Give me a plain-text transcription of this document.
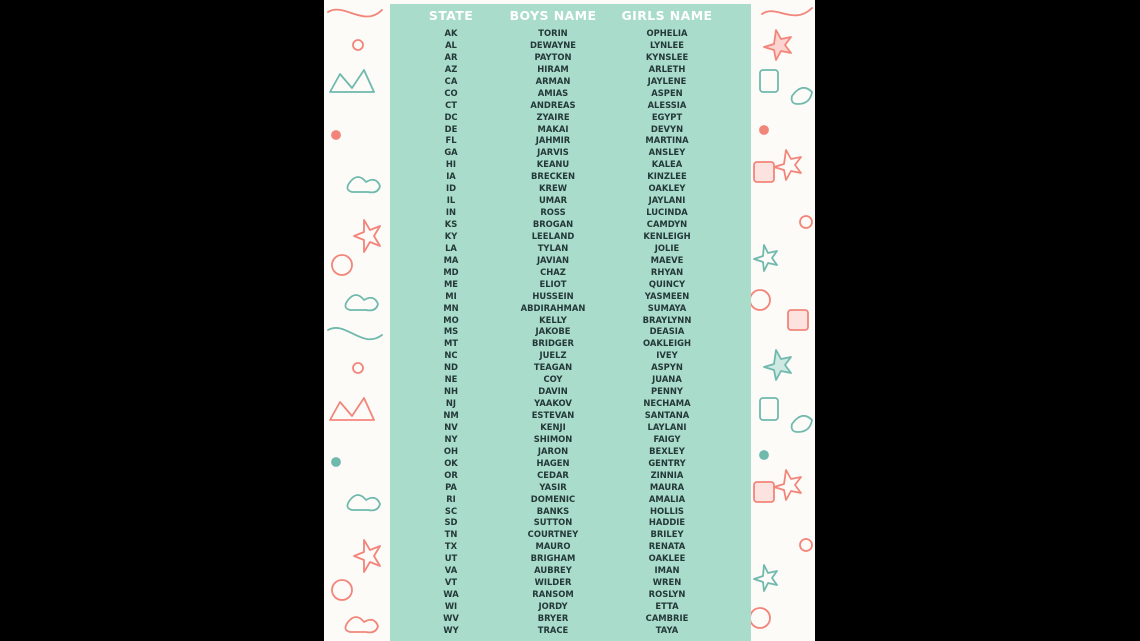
STATE	BOYS NAME	GIRLS NAME
AK	TORIN	OPHELIA
AL	DEWAYNE	LYNLEE
AR	PAYTON	KYNSLEE
AZ	HIRAM	ARLETH
CA	ARMAN	JAYLENE
CO	AMIAS	ASPEN
CT	ANDREAS	ALESSIA
DC	ZYAIRE	EGYPT
DE	MAKAI	DEVYN
FL	JAHMIR	MARTINA
GA	JARVIS	ANSLEY
HI	KEANU	KALEA
IA	BRECKEN	KINZLEE
ID	KREW	OAKLEY
IL	UMAR	JAYLANI
IN	ROSS	LUCINDA
KS	BROGAN	CAMDYN
KY	LEELAND	KENLEIGH
LA	TYLAN	JOLIE
MA	JAVIAN	MAEVE
MD	CHAZ	RHYAN
ME	ELIOT	QUINCY
MI	HUSSEIN	YASMEEN
MN	ABDIRAHMAN	SUMAYA
MO	KELLY	BRAYLYNN
MS	JAKOBE	DEASIA
MT	BRIDGER	OAKLEIGH
NC	JUELZ	IVEY
ND	TEAGAN	ASPYN
NE	COY	JUANA
NH	DAVIN	PENNY
NJ	YAAKOV	NECHAMA
NM	ESTEVAN	SANTANA
NV	KENJI	LAYLANI
NY	SHIMON	FAIGY
OH	JARON	BEXLEY
OK	HAGEN	GENTRY
OR	CEDAR	ZINNIA
PA	YASIR	MAURA
RI	DOMENIC	AMALIA
SC	BANKS	HOLLIS
SD	SUTTON	HADDIE
TN	COURTNEY	BRILEY
TX	MAURO	RENATA
UT	BRIGHAM	OAKLEE
VA	AUBREY	IMAN
VT	WILDER	WREN
WA	RANSOM	ROSLYN
WI	JORDY	ETTA
WV	BRYER	CAMBRIE
WY	TRACE	TAYA
